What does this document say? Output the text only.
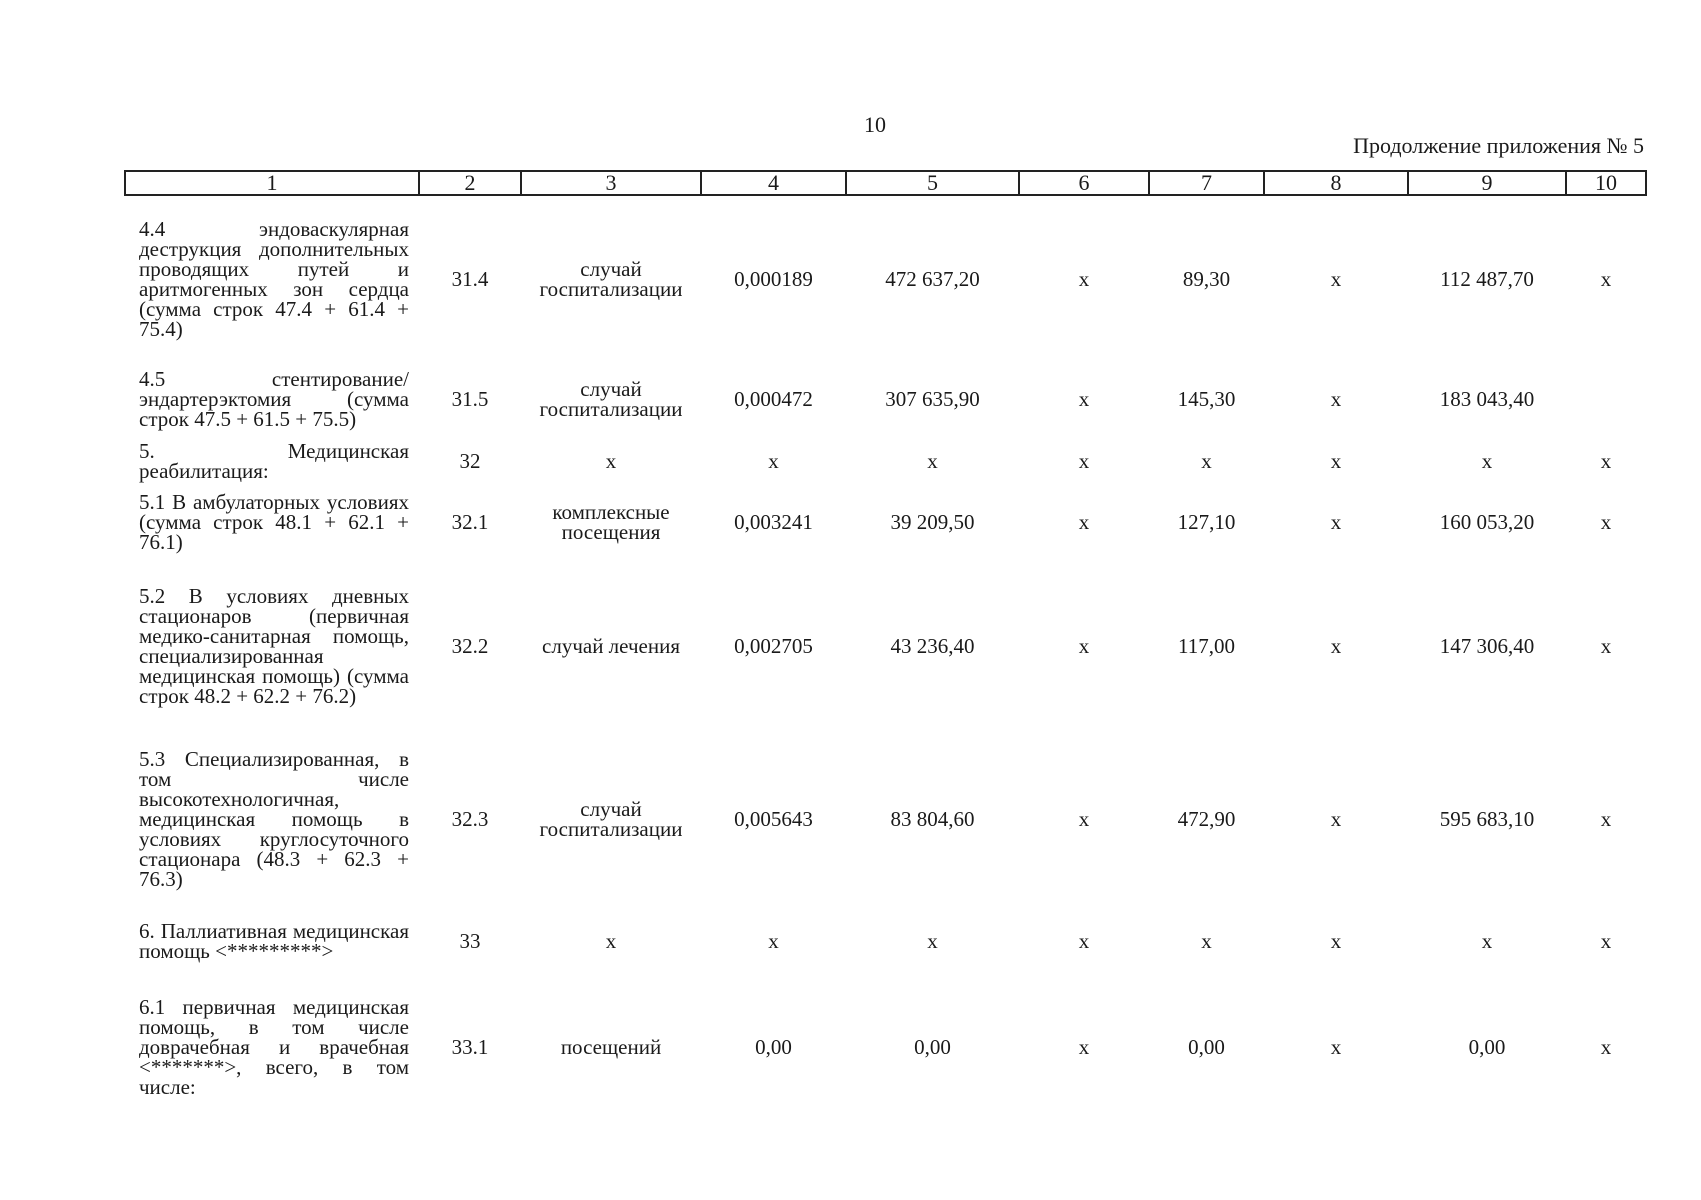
10
Продолжение приложения № 5
1	2	3	4	5	6	7	8	9	10
4.4 эндоваскулярная деструкция дополнительных проводящих путей и аритмогенных зон сердца (сумма строк 47.4 + 61.4 + 75.4)	31.4	случай госпитализации	0,000189	472 637,20	х	89,30	х	112 487,70	х
4.5 стентирование/ эндартерэктомия (сумма строк 47.5 + 61.5 + 75.5)	31.5	случай госпитализации	0,000472	307 635,90	х	145,30	х	183 043,40	
5. Медицинская реабилитация:	32	х	х	х	х	х	х	х	х
5.1 В амбулаторных условиях (сумма строк 48.1 + 62.1 + 76.1)	32.1	комплексные посещения	0,003241	39 209,50	х	127,10	х	160 053,20	х
5.2 В условиях дневных стационаров (первичная медико-санитарная помощь, специализированная медицинская помощь) (сумма строк 48.2 + 62.2 + 76.2)	32.2	случай лечения	0,002705	43 236,40	х	117,00	х	147 306,40	х
5.3 Специализированная, в том числе высокотехнологичная, медицинская помощь в условиях круглосуточного стационара (48.3 + 62.3 + 76.3)	32.3	случай госпитализации	0,005643	83 804,60	х	472,90	х	595 683,10	х
6. Паллиативная медицинская помощь <*********>	33	х	х	х	х	х	х	х	х
6.1 первичная медицинская помощь, в том числе доврачебная и врачебная <*******>, всего, в том числе:	33.1	посещений	0,00	0,00	х	0,00	х	0,00	х
